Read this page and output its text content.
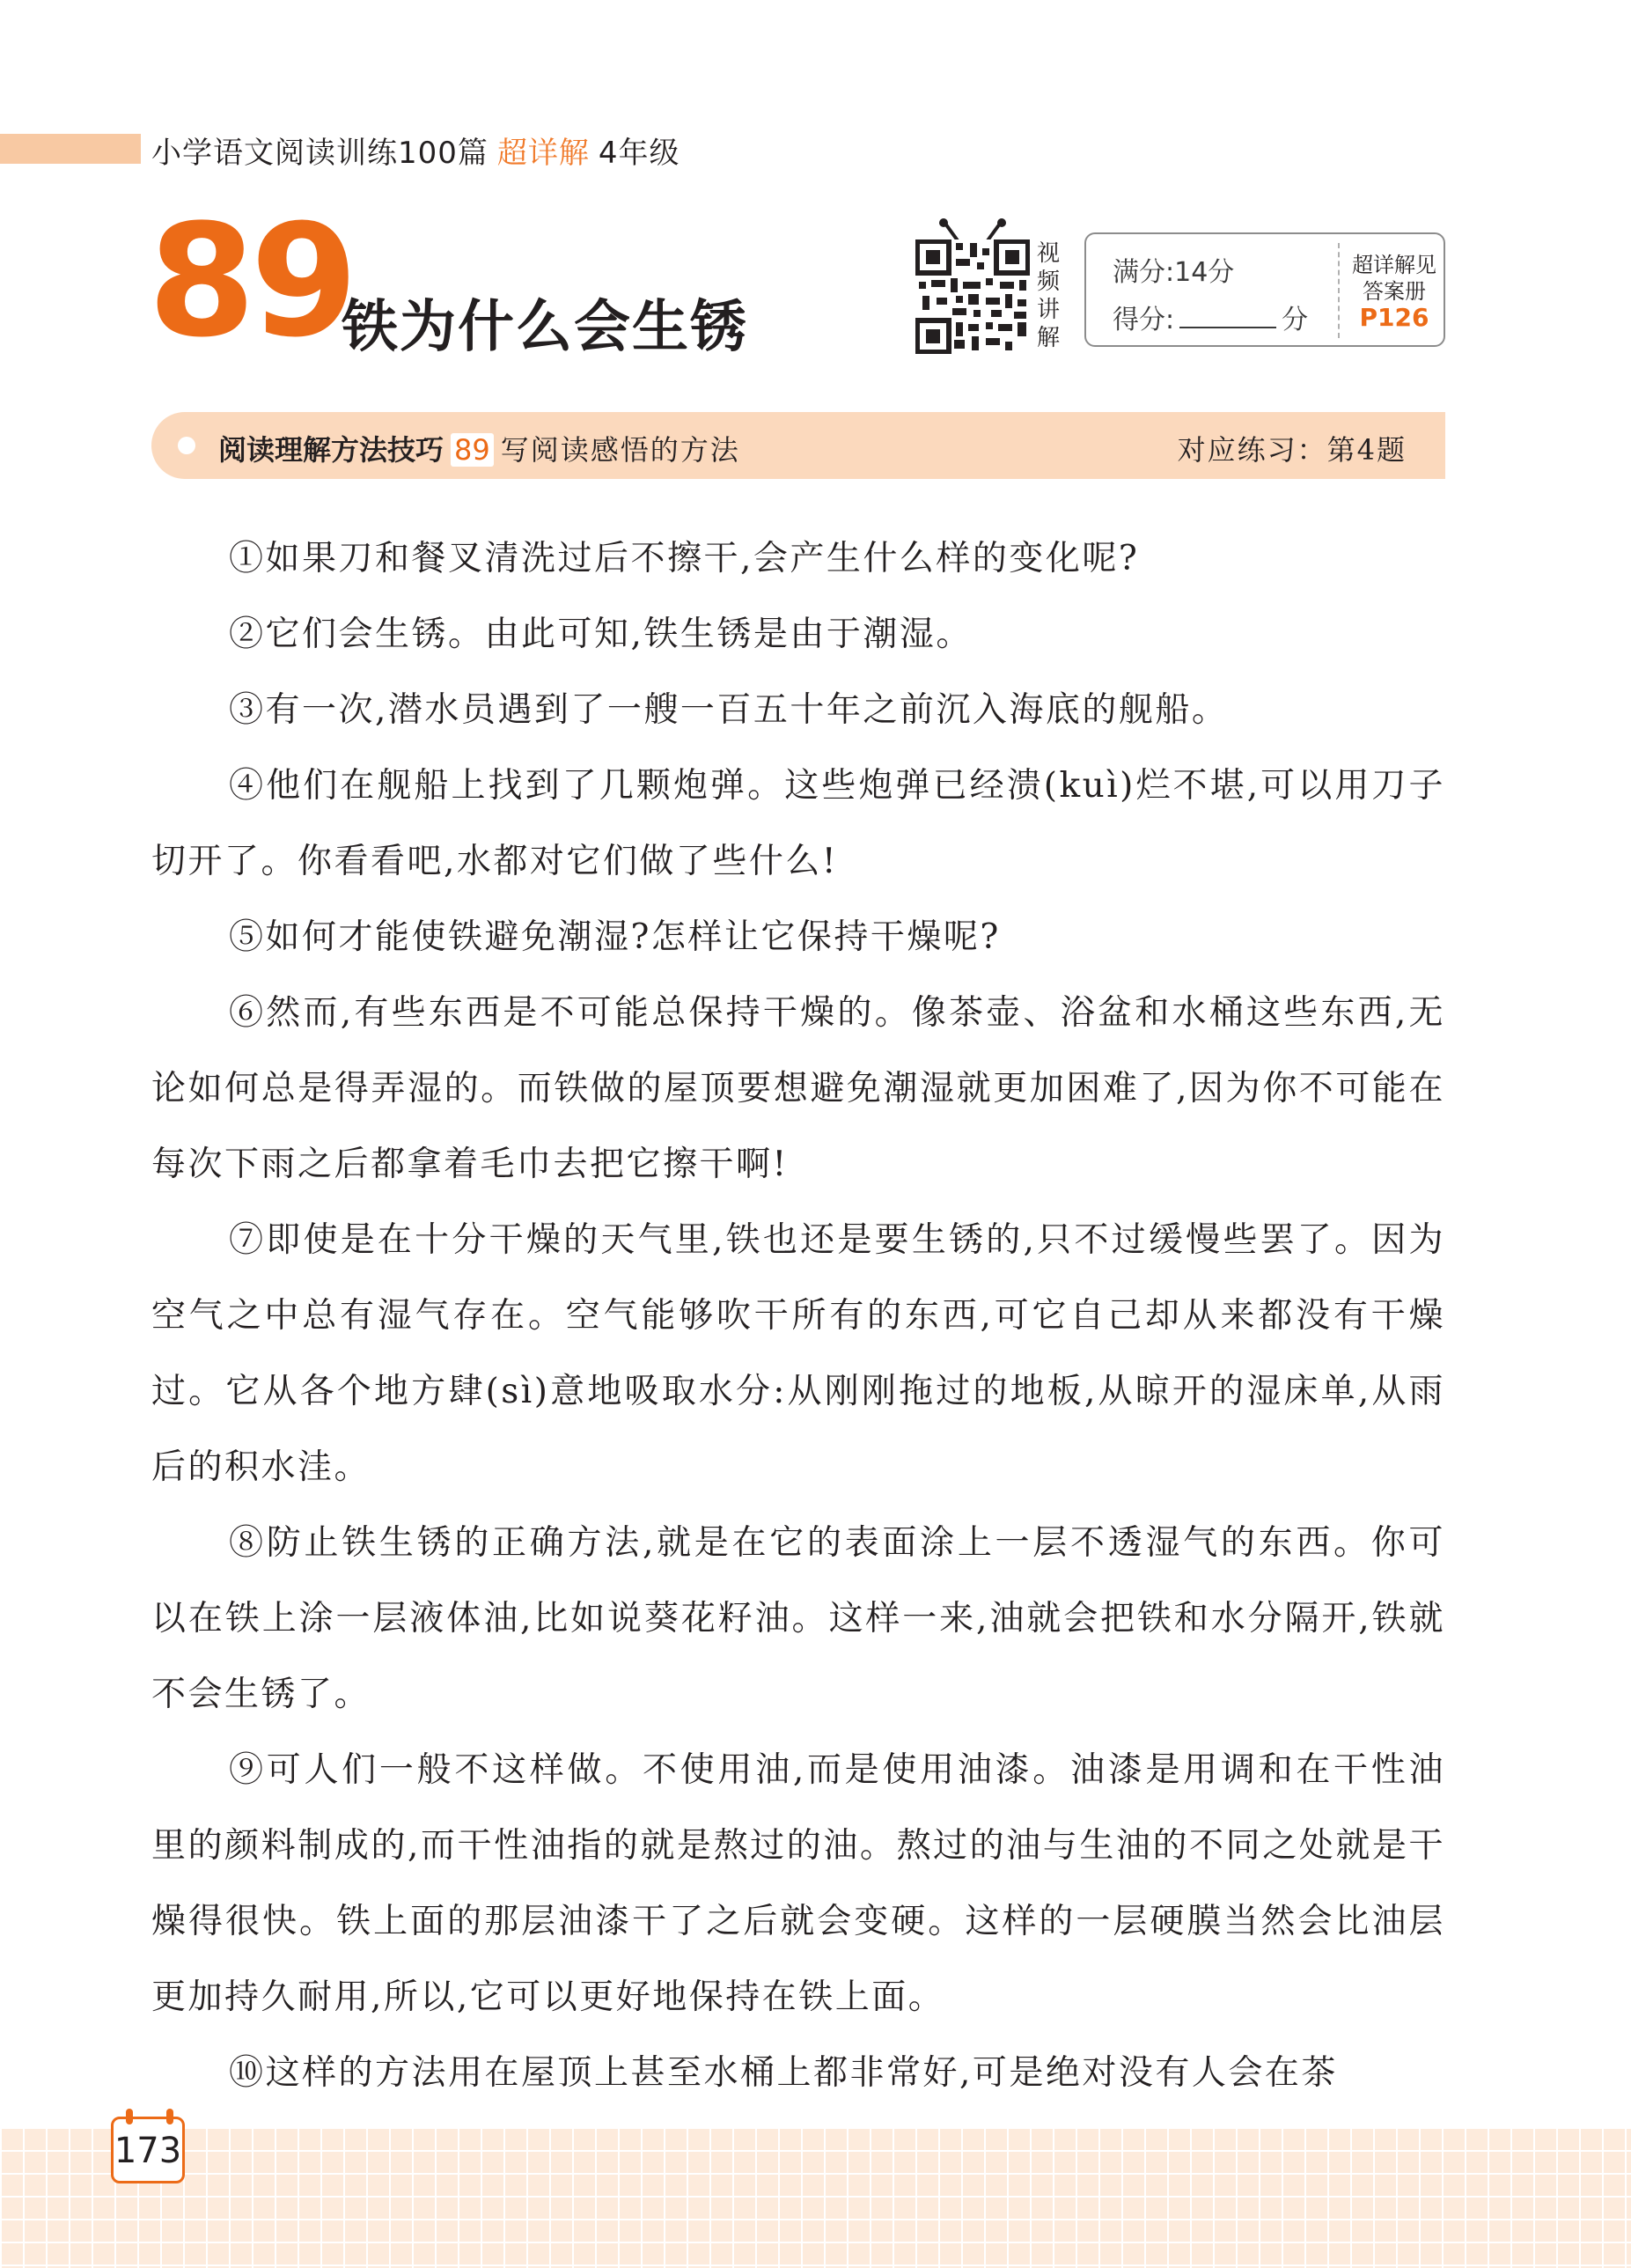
小学语文阅读训练100篇 超详解 4年级
89
铁为什么会生锈
视
频
讲
解
满分:14分
得分:	分
超详解见
答案册
P126
阅读理解方法技巧 89 写阅读感悟的方法	对应练习：第4题

①如果刀和餐叉清洗过后不擦干,会产生什么样的变化呢?

②它们会生锈。由此可知,铁生锈是由于潮湿。

③有一次,潜水员遇到了一艘一百五十年之前沉入海底的舰船。

④他们在舰船上找到了几颗炮弹。这些炮弹已经溃(kuì)烂不堪,可以用刀子切开了。你看看吧,水都对它们做了些什么!

⑤如何才能使铁避免潮湿?怎样让它保持干燥呢?

⑥然而,有些东西是不可能总保持干燥的。像茶壶、浴盆和水桶这些东西,无论如何总是得弄湿的。而铁做的屋顶要想避免潮湿就更加困难了,因为你不可能在每次下雨之后都拿着毛巾去把它擦干啊!

⑦即使是在十分干燥的天气里,铁也还是要生锈的,只不过缓慢些罢了。因为空气之中总有湿气存在。空气能够吹干所有的东西,可它自己却从来都没有干燥过。它从各个地方肆(sì)意地吸取水分:从刚刚拖过的地板,从晾开的湿床单,从雨后的积水洼。

⑧防止铁生锈的正确方法,就是在它的表面涂上一层不透湿气的东西。你可以在铁上涂一层液体油,比如说葵花籽油。这样一来,油就会把铁和水分隔开,铁就不会生锈了。

⑨可人们一般不这样做。不使用油,而是使用油漆。油漆是用调和在干性油里的颜料制成的,而干性油指的就是熬过的油。熬过的油与生油的不同之处就是干燥得很快。铁上面的那层油漆干了之后就会变硬。这样的一层硬膜当然会比油层更加持久耐用,所以,它可以更好地保持在铁上面。

⑩这样的方法用在屋顶上甚至水桶上都非常好,可是绝对没有人会在茶

173
